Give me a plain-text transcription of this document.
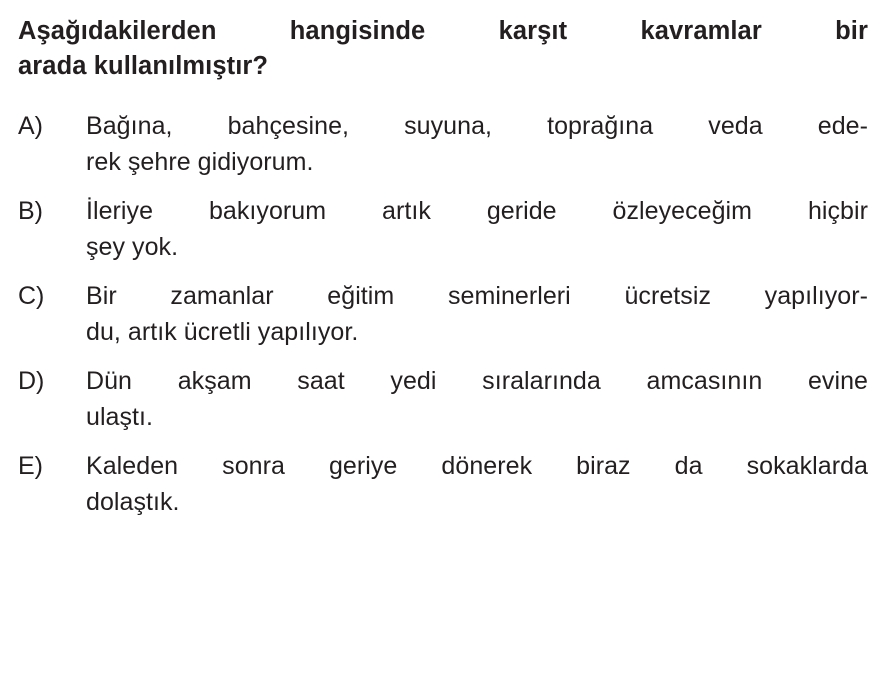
Aşağıdakilerden hangisinde karşıt kavramlar bir
arada kullanılmıştır?
A)	Bağına, bahçesine, suyuna, toprağına veda ede-
rek şehre gidiyorum.
B)	İleriye bakıyorum artık geride özleyeceğim hiçbir
şey yok.
C)	Bir zamanlar eğitim seminerleri ücretsiz yapılıyor-
du, artık ücretli yapılıyor.
D)	Dün akşam saat yedi sıralarında amcasının evine
ulaştı.
E)	Kaleden sonra geriye dönerek biraz da sokaklarda
dolaştık.
